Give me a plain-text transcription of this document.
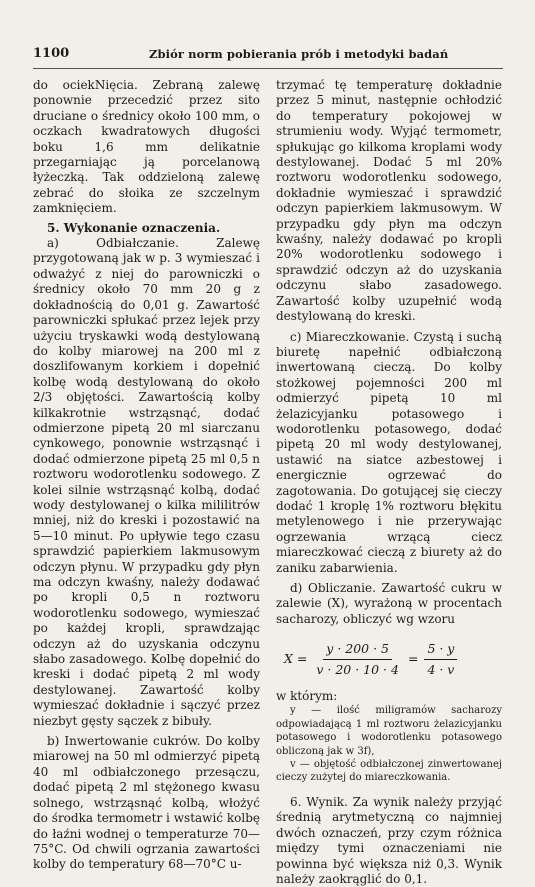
1100	Zbiór norm pobierania prób i metodyki badań

do ociekNięcia. Zebraną zalewę ponownie przecedzić przez sito druciane o średnicy około 100 mm, o oczkach kwadratowych długości boku 1,6 mm delikatnie przegarniając ją porcelanową łyżeczką. Tak oddzieloną zalewę zebrać do słoika ze szczelnym zamknięciem.

5. Wykonanie oznaczenia.

a) Odbiałczanie. Zalewę przygotowaną jak w p. 3 wymieszać i odważyć z niej do parowniczki o średnicy około 70 mm 20 g z dokładnością do 0,01 g. Zawartość parowniczki spłukać przez lejek przy użyciu tryskawki wodą destylowaną do kolby miarowej na 200 ml z doszlifowanym korkiem i dopełnić kolbę wodą destylowaną do około 2/3 objętości. Zawartością kolby kilkakrotnie wstrząsnąć, dodać odmierzone pipetą 20 ml siarczanu cynkowego, ponownie wstrząsnąć i dodać odmierzone pipetą 25 ml 0,5 n roztworu wodorotlenku sodowego. Z kolei silnie wstrząsnąć kolbą, dodać wody destylowanej o kilka mililitrów mniej, niż do kreski i pozostawić na 5—10 minut. Po upływie tego czasu sprawdzić papierkiem lakmusowym odczyn płynu. W przypadku gdy płyn ma odczyn kwaśny, należy dodawać po kropli 0,5 n roztworu wodorotlenku sodowego, wymieszać po każdej kropli, sprawdzając odczyn aż do uzyskania odczynu słabo zasadowego. Kolbę dopełnić do kreski i dodać pipetą 2 ml wody destylowanej. Zawartość kolby wymieszać dokładnie i sączyć przez niezbyt gęsty sączek z bibuły.

b) Inwertowanie cukrów. Do kolby miarowej na 50 ml odmierzyć pipetą 40 ml odbiałczonego przesączu, dodać pipetą 2 ml stężonego kwasu solnego, wstrząsnąć kolbą, włożyć do środka termometr i wstawić kolbę do łaźni wodnej o temperaturze 70—75°C. Od chwili ogrzania zawartości kolby do temperatury 68—70°C u-

trzymać tę temperaturę dokładnie przez 5 minut, następnie ochłodzić do temperatury pokojowej w strumieniu wody. Wyjąć termometr, spłukując go kilkoma kroplami wody destylowanej. Dodać 5 ml 20% roztworu wodorotlenku sodowego, dokładnie wymieszać i sprawdzić odczyn papierkiem lakmusowym. W przypadku gdy płyn ma odczyn kwaśny, należy dodawać po kropli 20% wodorotlenku sodowego i sprawdzić odczyn aż do uzyskania odczynu słabo zasadowego. Zawartość kolby uzupełnić wodą destylowaną do kreski.

c) Miareczkowanie. Czystą i suchą biuretę napełnić odbiałczoną inwertowaną cieczą. Do kolby stożkowej pojemności 200 ml odmierzyć pipetą 10 ml żelazicyjanku potasowego i wodorotlenku potasowego, dodać pipetą 20 ml wody destylowanej, ustawić na siatce azbestowej i energicznie ogrzewać do zagotowania. Do gotującej się cieczy dodać 1 kroplę 1% roztworu błękitu metylenowego i nie przerywając ogrzewania wrzącą ciecz miareczkować cieczą z biurety aż do zaniku zabarwienia.

d) Obliczanie. Zawartość cukru w zalewie (X), wyrażoną w procentach sacharozy, obliczyć wg wzoru

$X = \frac{y \cdot 200 \cdot 5}{v \cdot 20 \cdot 10 \cdot 4} = \frac{5 \cdot y}{4 \cdot v}$

w którym:

y — ilość miligramów sacharozy odpowiadającą 1 ml roztworu żelazicyjanku potasowego i wodorotlenku potasowego obliczoną jak w 3f),

v — objętość odbiałczonej zinwertowanej cieczy zużytej do miareczkowania.

6. Wynik. Za wynik należy przyjąć średnią arytmetyczną co najmniej dwóch oznaczeń, przy czym różnica między tymi oznaczeniami nie powinna być większa niż 0,3. Wynik należy zaokrąglić do 0,1.
